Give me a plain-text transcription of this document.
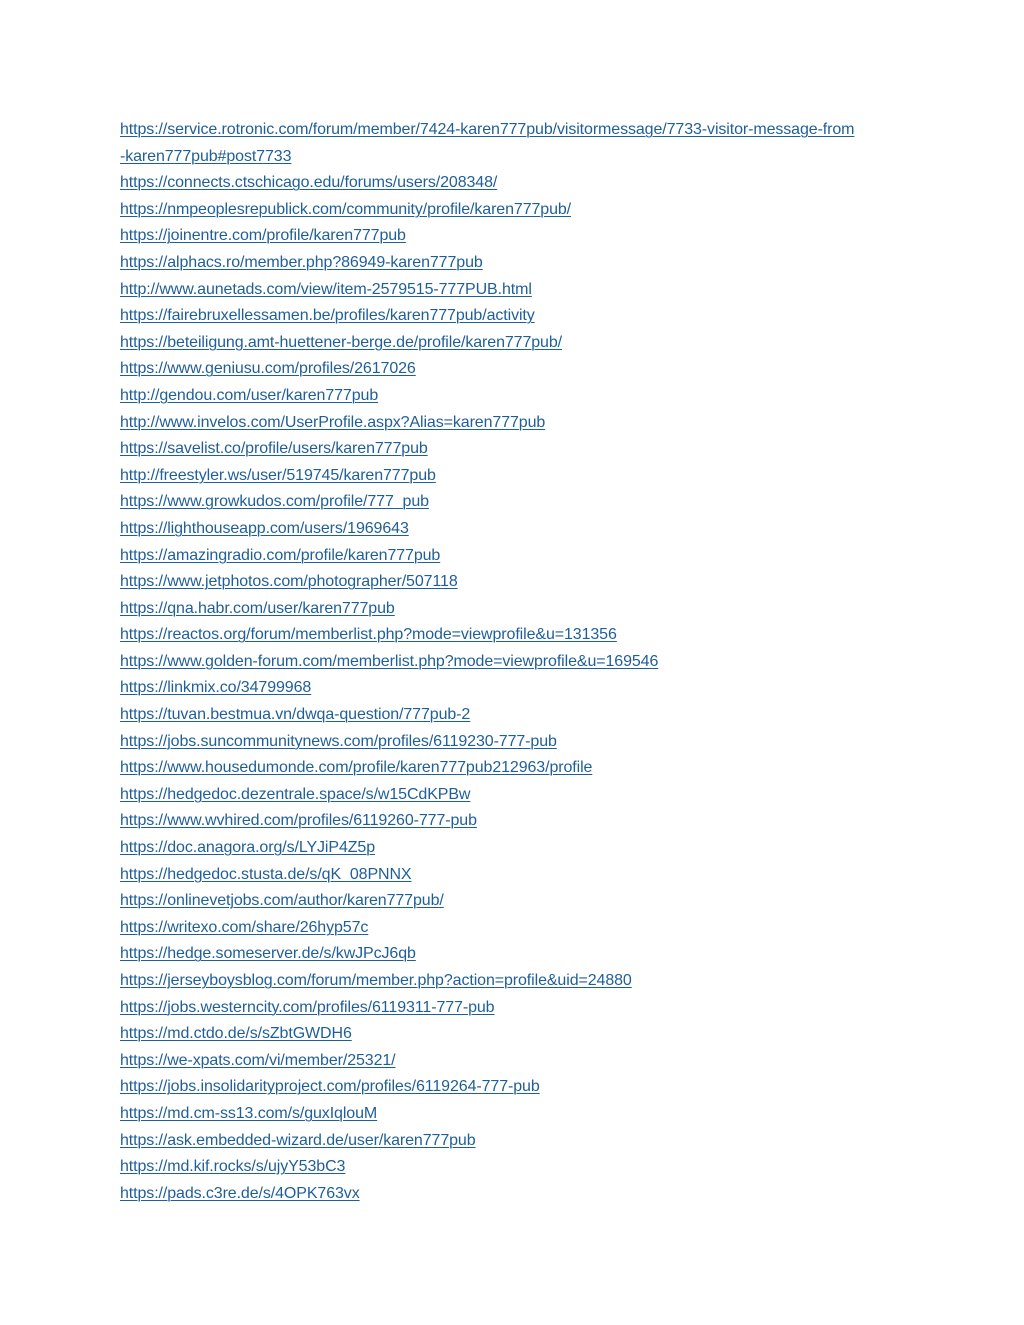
https://service.rotronic.com/forum/member/7424-karen777pub/visitormessage/7733-visitor-message-from
-karen777pub#post7733
https://connects.ctschicago.edu/forums/users/208348/
https://nmpeoplesrepublick.com/community/profile/karen777pub/
https://joinentre.com/profile/karen777pub
https://alphacs.ro/member.php?86949-karen777pub
http://www.aunetads.com/view/item-2579515-777PUB.html
https://fairebruxellessamen.be/profiles/karen777pub/activity
https://beteiligung.amt-huettener-berge.de/profile/karen777pub/
https://www.geniusu.com/profiles/2617026
http://gendou.com/user/karen777pub
http://www.invelos.com/UserProfile.aspx?Alias=karen777pub
https://savelist.co/profile/users/karen777pub
http://freestyler.ws/user/519745/karen777pub
https://www.growkudos.com/profile/777_pub
https://lighthouseapp.com/users/1969643
https://amazingradio.com/profile/karen777pub
https://www.jetphotos.com/photographer/507118
https://qna.habr.com/user/karen777pub
https://reactos.org/forum/memberlist.php?mode=viewprofile&u=131356
https://www.golden-forum.com/memberlist.php?mode=viewprofile&u=169546
https://linkmix.co/34799968
https://tuvan.bestmua.vn/dwqa-question/777pub-2
https://jobs.suncommunitynews.com/profiles/6119230-777-pub
https://www.housedumonde.com/profile/karen777pub212963/profile
https://hedgedoc.dezentrale.space/s/w15CdKPBw
https://www.wvhired.com/profiles/6119260-777-pub
https://doc.anagora.org/s/LYJiP4Z5p
https://hedgedoc.stusta.de/s/qK_08PNNX
https://onlinevetjobs.com/author/karen777pub/
https://writexo.com/share/26hyp57c
https://hedge.someserver.de/s/kwJPcJ6qb
https://jerseyboysblog.com/forum/member.php?action=profile&uid=24880
https://jobs.westerncity.com/profiles/6119311-777-pub
https://md.ctdo.de/s/sZbtGWDH6
https://we-xpats.com/vi/member/25321/
https://jobs.insolidarityproject.com/profiles/6119264-777-pub
https://md.cm-ss13.com/s/guxIqlouM
https://ask.embedded-wizard.de/user/karen777pub
https://md.kif.rocks/s/ujyY53bC3
https://pads.c3re.de/s/4OPK763vx
